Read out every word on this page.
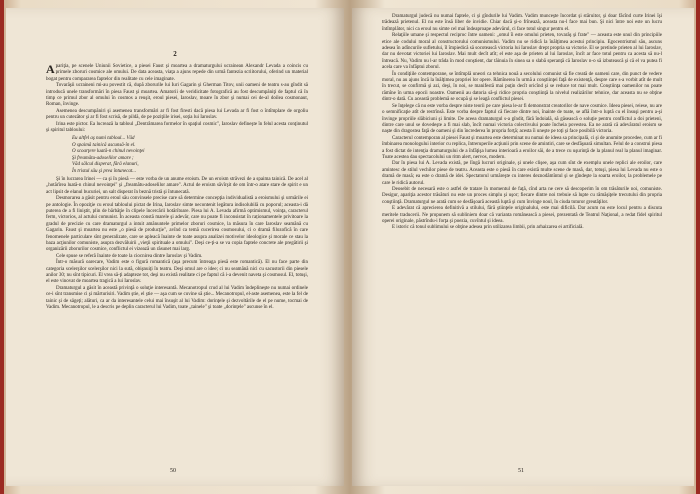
2

Apariţia, pe scenele Uniunii Sovietice, a piesei Faust şi moartea a dramaturgului ucrainean Alexandr Levada a coincis cu primele zboruri cosmice ale omului. De data aceasta, viaţa a ajuns repede din urmă fantezia scriitorului, oferind un material bogat pentru compararea faptelor din realitate cu cele imaginate.

Tovarăşii ucraineni mi-au povestit că, după zborurile lui Iuri Gagarin şi Gherman Titov, unii oameni de teatru s-au gîndit să introducă unele transformări în piesa Faust şi moartea. Amatorii de veridicitate fotografică au fost descumpăniţi de faptul că în timp ce primul zbor al omului în cosmos a reuşit, eroul piesei, Iaroslav, moare în zbor şi numai cei de-al doilea cosmonaut, Roman, învinge.

Asemenea descumpăniri şi asemenea transformări ar fi fost firesti dacă piesa lui Levada ar fi fost o întîmplare de orgoliu pentru un cutezător şi ar fi fost scrisă, de pildă, de pe poziţiile irisei, soţia lui Iaroslav.

Irina este pictor. Ea lucrează la tabloul „Dentrămarea formelor în spaţiul cosmic", Iaroslav defineşte în felul acesta conţinutul şi spiritul tabloului:

Eu altfel aş numi tabloul... Văd
O spaimă tainică ascunsă-în el.
O scoarţere luată-n chinul nevoinţei
Şi freamătu-adoselilor amare ;
Văd sălcul disperat, fără elanuri,
În tristul său şi prea întunecat...

Şi în lucrarea Irinei — ca şi în piesă — este vorba de un anume eroism. De un eroism străvezi de a spaima tainică. De acel al „hotărîrea luată-n chinul nevoinţei" şi „freamătu-adoselilor amare". Actul de eroism săvîrşit de om într-o atare stare de spirit e un act lipsit de elanul bucuriei, un salt disperat în beznă tristă şi întunecată.

Desmorarea a găsit pentru eroul său convinsele precise care să determine concepţia individualistă a eroismului şi urmările ei pe antologie. În opoziţie cu eroul tabloului pictat de Irina, Iaroslav simte necontenit legătura indisolubilă cu poporul; aceasta-i dă puterea de a fi liniştit, plin de bărbăţie în clipele încercării hotărîtoare. Piesa lui A. Levada afirmă optimismul, voinţa, caracterul ferm, victorios, al actului comunist. În aceasta constă marele şi adevăr, care nu poate fi inconsistat în raționamentele privitoare la gradul de precizie cu care dramaturgul a intuit amănuntele primelor zboruri cosmice, la măsura în care Iaroslav seamănă cu Gagarin. Faust şi moartea nu este „o piesă de producţie", avînd ca temă cucerirea cosmosului, ci o dramă filozofică în care fenomenele particulare sînt generalizate, care se apleacă înainte de toate asupra analizei motivelor ideologice şi morale ce stau la baza acţiunilor comuniste, asupra dezvăluirii „vieţii spirituale a omului". Deşi ce-ţi-a se va copia faptele concrete ale pregătirii şi organizării zborurilor cosmice, conflictul ei vizează un răsunet mai larg.

Cele spuse se referă înainte de toate la ciocnirea dintre Iaroslav şi Vadim.

Într-o măsură oarecare, Vadim este o figură romantică (aşa precum întreaga piesă este romantică). El nu face parte din categoria scelerşilor scelerşilor nici la sută, obişnuiţi în teatru. Deşi omul are o idee; ci nu seamănă nici cu sacustorii din piesele anilor 30; nu sînt tipicuri. El vrea să-ţi adapteze tot, deşi nu există realitate ci pe faptul că i-a devenit naveta şi cosmosul. El, totuşi, el este vinovat de moartea tragică a lui Iaroslav.

Dramaturgul a găsit în această privinţă o soluţie interesantă. Mecanotropul crud al lui Vadim îndeplineşte nu numai ordinele ce-i sînt transmise ci şi mărturisiri. Vadim ştie, el ştie — aşa cum se cuvine să ştie... Mecanotropul, el-aste asemenea, este la fel de tainic şi de sâgeţi; alături, ca ar da interesantele celui mai însuşit al lui Vadim: dorinţele şi dezvoltările de el pe nume, tocmai de Vadim. Mecanotropul, le a descris pe deplin caracterul lui Vadim, toate „tainele" şi toate „dorinţele" ascunse în el.

50

Dramaturgul judecă nu numai faptele, ci şi gîndurile lui Vadim. Vadim munceşte încordat şi stăruitor, şi doar făcînd curte Irinei îşi trădează prietenul. El nu este însă liber de invidie. Chiar dacă şi-o frînează, aceasta nu-l face mai bun. Şi nici între noi este un lucru întîmplător, nici ca eroul nu simte cel mai îndeaproape adevărul, ci face totul singur pentru el.

Relaţiile umane şi respectul reciproc între oameni: „omul îi este omului prieten, tovarăş şi frate" — aceasta este unul din principiile etice ale codului moral al constructorului comunismului. Vadim nu se ridică la înălţimea acestui principiu. Egocentrismul său, ascuns adesea în adîncurile sufletului, îl împiedică să socotească victoria lui Iaroslav drept propria sa victorie. El se pretinde prieten al lui Iaroslav, dar nu devotat victoriei lui Iaroslav. Mai mult decît atît; el este aşa de prieten al lui Iaroslav, încît ar face totul pentru ca acesta să nu-l întreacă. Nu, Vadim nu l-ar trăda în mod conştient, dar tăinuia în sinea sa o slabă speranţă că Iaroslav n-o să izbutească şi că el va putea fi acela care va înfăptui zborul.

În condiţiile contemporane, se întîmplă uneori ca tehnica nouă a secolului comunist să fie creată de oameni care, din punct de vedere moral, nu au ajuns încă la înălţimea propriei lor opere. Rămînerea în urmă a conştiinţei faţă de existenţă, despre care s-a vorbit atît de mult în trecut, se confirmă şi azi, deşi, în noi, se manifestă mai puţin decît oricînd şi se reduce tot mai mult. Conştiinţa oamenilor nu poate rămîne în urma epocii noastre. Oamenii au datoria să-şi ridice propria conştiinţă la nivelul realizărilor tehnice, dar aceasta nu se obţine dintr-o dată. Cu această problemă se ocupă şi se leagă conflictul piesei.

Se înţelege că nu este vorba despre niste teorii pe care piesa le-ar fi demonstrat creatorilor de nave cosmice. Ideea piesei, reiese, nu are o semnificaţie atît de restrînsă. Este vorba despre faptul că fiecare dintre noi, înainte de toate, se află într-o luptă cu el însuşi pentru a-şi învinge propriile slăbiciuni şi limite. De aceea dramaturgul s-a gîndit, fără îndoială, să găsească o soluţie pentru conflictul a doi prieteni, dintre care unul se dovedeşte a fi mai slab, încît numai victoria colectivului poate încheia povestea. Ea ne arată că adevăratul eroism se naşte din dragostea faţă de oameni şi din încrederea în propria forţă; acesta îi uneşte pe toţi şi face posibilă victoria.

Caracterul contemporan al piesei Faust şi moartea este determinat nu numai de ideea sa principală, ci şi de anumite procedee, cum ar fi îmbinarea monologului interior cu replica, întreruperile acţiunii prin scene de amintiri, care se desfăşoară simultan. Felul de a construi piesa a fost dictat de intenţia dramaturgului de a înfăţişa lumea interioară a eroilor săi, de a trece cu uşurinţă de la planul real la planul imaginar. Toate acestea dau spectacolului un ritm alert, nervos, modern.

Dar în piesa lui A. Levada există, pe lîngă lucruri originale, şi unele clişee, aşa cum sînt de exemplu unele replici ale eroilor, care amintesc de stilul vechilor piese de teatru. Aceasta este o piesă în care există multe scene de masă, dar, totuşi, piesa lui Levada nu este o dramă de masă; ea este o dramă de idei. Spectatorul urmăreşte cu interes deznodămîntul şi se gîndeşte la soarta eroilor, la problemele pe care le ridică autorul.

Deosebit de necesară este o astfel de tratare în momentul de faţă, cînd arta ne cere să descoperim în om trăsăturile noi, comuniste. Desigur, apariţia acestor trăsături nu este un proces simplu şi uşor; fiecare dintre noi trebuie să lupte cu rămăşiţele trecutului din propria conştiinţă. Dramaturgul ne arată cum se desfăşoară această luptă şi cum învinge noul, în ciuda tuturor greutăţilor.

E adevărat că aprecierea definitivă a stilului, fără ştiinţele originalului, este mai dificilă. Dar acum nu este locul pentru a discuta meritele traducerii. Ne propunem să subliniem doar că varianta românească a piesei, prezentată de Teatrul Naţional, a redat fidel spiritul operei originale, păstrîndu-i forţa şi poezia, cuvîntul şi ideea.

E istoric că tonul sublimului se obţine adesea prin utilizarea limbii, prin arhaizarea ei artificială.

51
